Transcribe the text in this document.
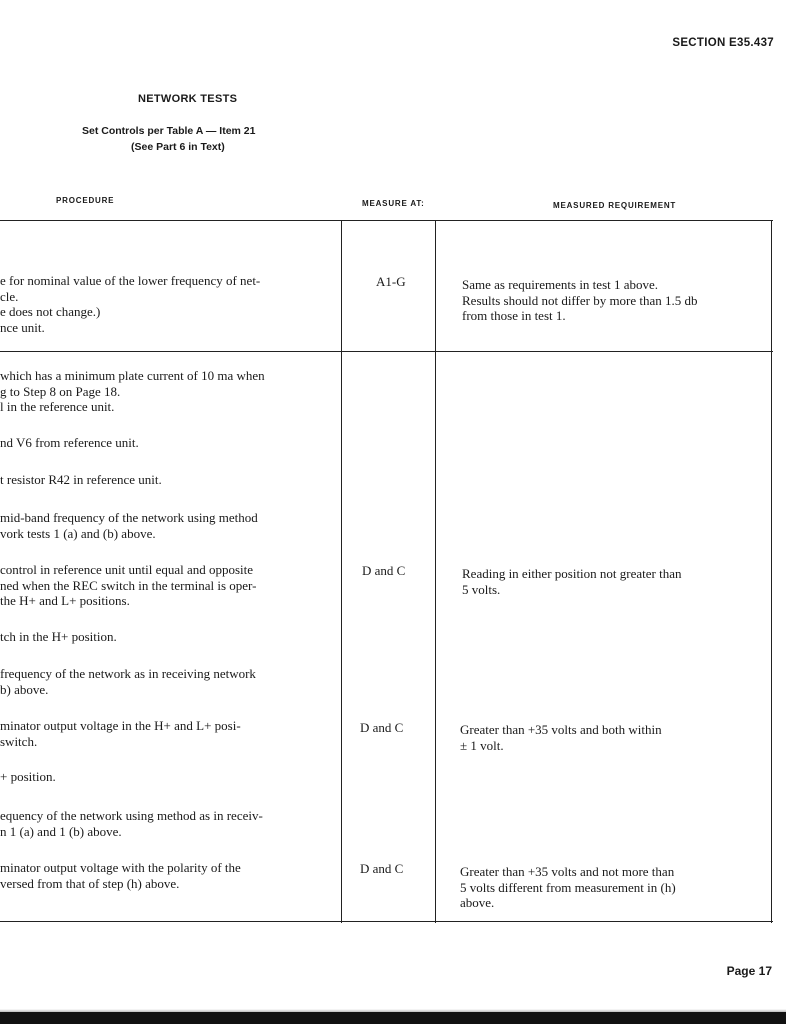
SECTION E35.437
NETWORK TESTS
Set Controls per Table A — Item 21
(See Part 6 in Text)
PROCEDURE	MEASURE AT:	MEASURED REQUIREMENT
e for nominal value of the lower frequency of net-
cle.
e does not change.)
nce unit.
A1-G	Same as requirements in test 1 above.
Results should not differ by more than 1.5 db
from those in test 1.
which has a minimum plate current of 10 ma when
g to Step 8 on Page 18.
l in the reference unit.
nd V6 from reference unit.
t resistor R42 in reference unit.
mid-band frequency of the network using method
vork tests 1 (a) and (b) above.
control in reference unit until equal and opposite
ned when the REC switch in the terminal is oper-
the H+ and L+ positions.
D and C	Reading in either position not greater than
5 volts.
tch in the H+ position.
frequency of the network as in receiving network
b) above.
minator output voltage in the H+ and L+ posi-
switch.
D and C	Greater than +35 volts and both within
± 1 volt.
+ position.
equency of the network using method as in receiv-
n 1 (a) and 1 (b) above.
minator output voltage with the polarity of the
versed from that of step (h) above.
D and C	Greater than +35 volts and not more than
5 volts different from measurement in (h)
above.
Page 17
